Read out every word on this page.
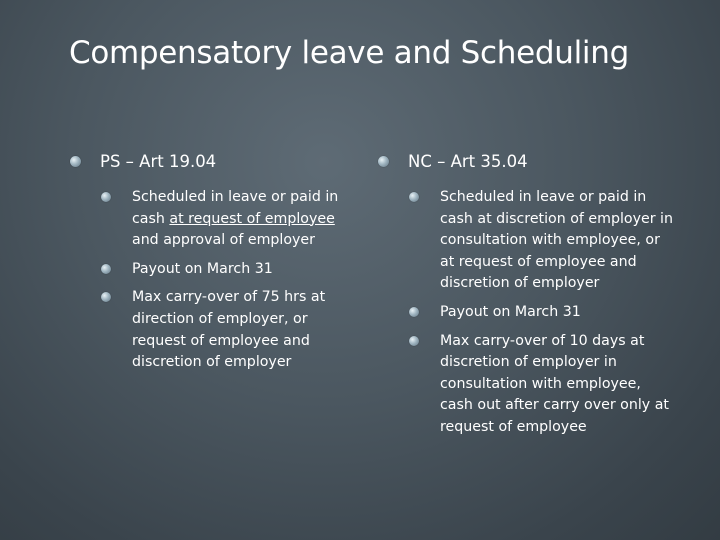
Compensatory leave and Scheduling
PS – Art 19.04
Scheduled in leave or paid in cash at request of employee and approval of employer
Payout on March 31
Max carry-over of 75 hrs at direction of employer, or request of employee and discretion of employer
NC – Art 35.04
Scheduled in leave or paid in cash at discretion of employer in consultation with employee, or at request of employee and discretion of employer
Payout on March 31
Max carry-over of 10 days at discretion of employer in consultation with employee, cash out after carry over only at request of employee
